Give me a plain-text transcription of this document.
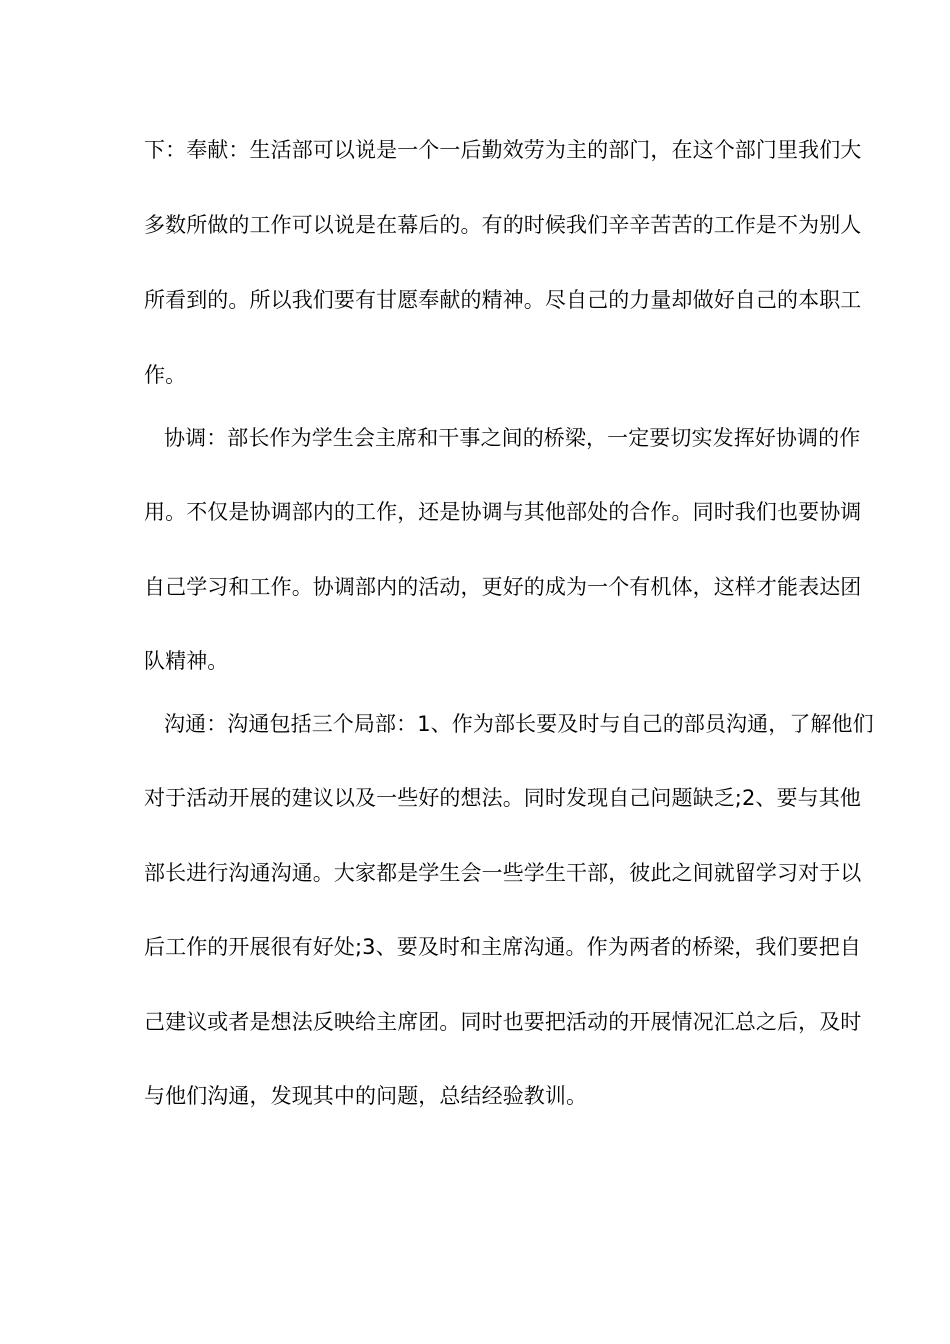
下：奉献：生活部可以说是一个一后勤效劳为主的部门，在这个部门里我们大
多数所做的工作可以说是在幕后的。有的时候我们辛辛苦苦的工作是不为别人
所看到的。所以我们要有甘愿奉献的精神。尽自己的力量却做好自己的本职工
作。
协调：部长作为学生会主席和干事之间的桥梁，一定要切实发挥好协调的作
用。不仅是协调部内的工作，还是协调与其他部处的合作。同时我们也要协调
自己学习和工作。协调部内的活动，更好的成为一个有机体，这样才能表达团
队精神。
沟通：沟通包括三个局部：1、作为部长要及时与自己的部员沟通，了解他们
对于活动开展的建议以及一些好的想法。同时发现自己问题缺乏;2、要与其他
部长进行沟通沟通。大家都是学生会一些学生干部，彼此之间就留学习对于以
后工作的开展很有好处;3、要及时和主席沟通。作为两者的桥梁，我们要把自
己建议或者是想法反映给主席团。同时也要把活动的开展情况汇总之后，及时
与他们沟通，发现其中的问题，总结经验教训。
